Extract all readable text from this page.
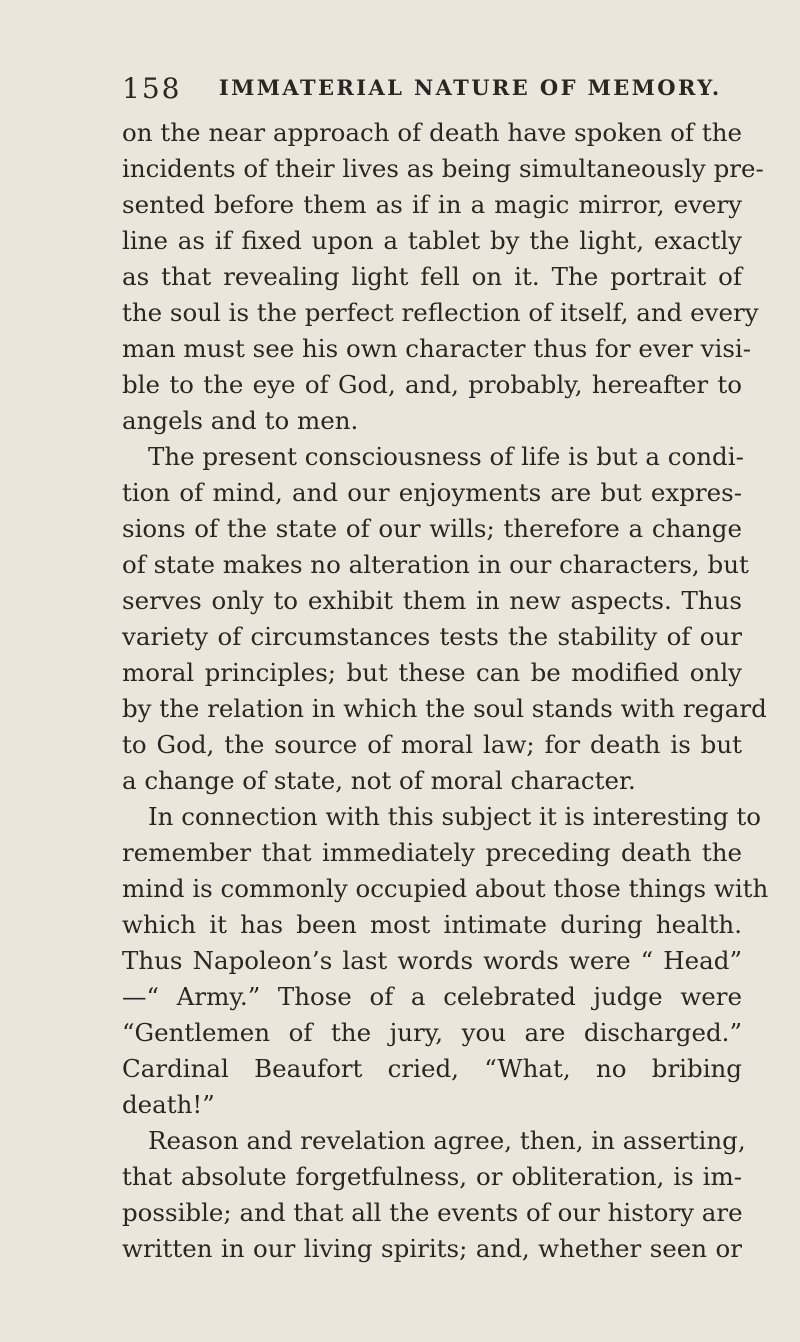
158 IMMATERIAL NATURE OF MEMORY.
on the near approach of death have spoken of the
incidents of their lives as being simultaneously pre-
sented before them as if in a magic mirror, every
line as if fixed upon a tablet by the light, exactly
as that revealing light fell on it. The portrait of
the soul is the perfect reflection of itself, and every
man must see his own character thus for ever visi-
ble to the eye of God, and, probably, hereafter to
angels and to men.
The present consciousness of life is but a condi-
tion of mind, and our enjoyments are but expres-
sions of the state of our wills; therefore a change
of state makes no alteration in our characters, but
serves only to exhibit them in new aspects. Thus
variety of circumstances tests the stability of our
moral principles; but these can be modified only
by the relation in which the soul stands with regard
to God, the source of moral law; for death is but
a change of state, not of moral character.
In connection with this subject it is interesting to
remember that immediately preceding death the
mind is commonly occupied about those things with
which it has been most intimate during health.
Thus Napoleon’s last words words were “ Head”
—“ Army.” Those of a celebrated judge were
“Gentlemen of the jury, you are discharged.”
Cardinal Beaufort cried, “What, no bribing
death!”
Reason and revelation agree, then, in asserting,
that absolute forgetfulness, or obliteration, is im-
possible; and that all the events of our history are
written in our living spirits; and, whether seen or
